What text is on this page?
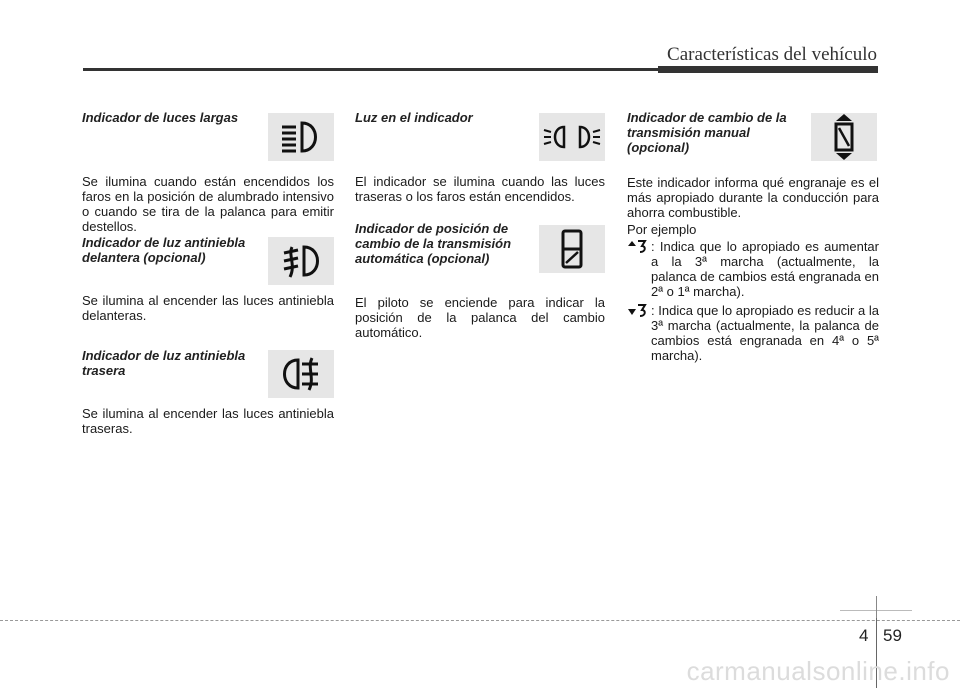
Características del vehículo
Indicador de luces largas
Se ilumina cuando están encendidos los faros en la posición de alumbrado intensivo o cuando se tira de la palanca para emitir destellos.
Indicador de luz antiniebla delantera (opcional)
Se ilumina al encender las luces antiniebla delanteras.
Indicador de luz antiniebla trasera
Se ilumina al encender las luces antiniebla traseras.
Luz en el indicador
El indicador se ilumina cuando las luces traseras o los faros están encendidos.
Indicador de posición de cambio de la transmisión automática (opcional)
El piloto se enciende para indicar la posición de la palanca del cambio automático.
Indicador de cambio de la transmisión manual (opcional)
Este indicador informa qué engranaje es el más apropiado durante la conducción para ahorra combustible.
Por ejemplo
: Indica que lo apropiado es aumentar a la 3ª marcha (actualmente, la palanca de cambios está engranada en 2ª o 1ª marcha).
: Indica que lo apropiado es reducir a la 3ª marcha (actualmente, la palanca de cambios está engranada en 4ª o 5ª marcha).
4 59
carmanualsonline.info
